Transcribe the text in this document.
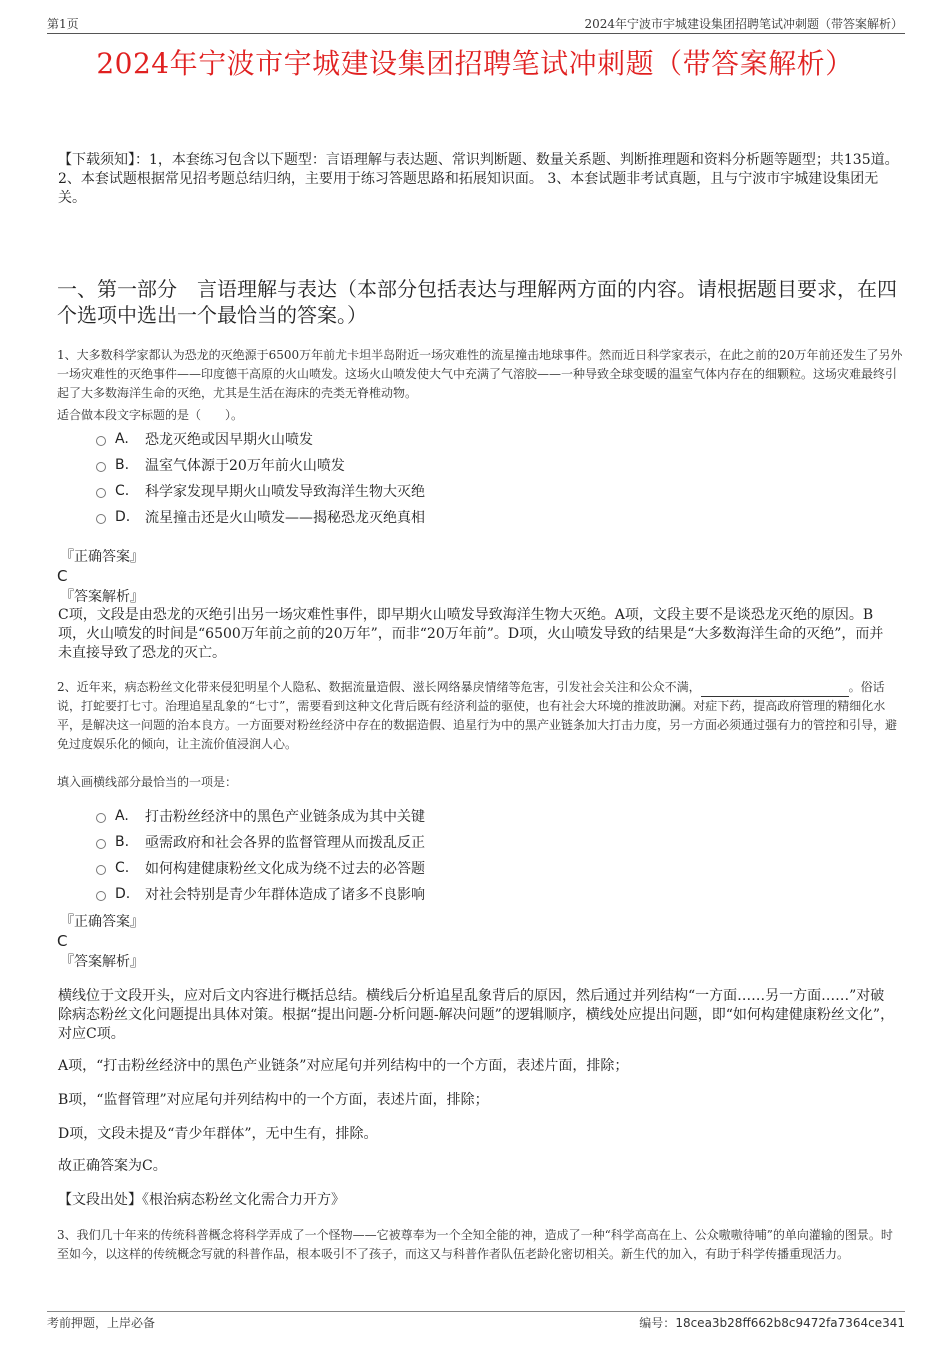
第1页	2024年宁波市宇城建设集团招聘笔试冲刺题（带答案解析）
2024年宁波市宇城建设集团招聘笔试冲刺题（带答案解析）
【下载须知】：1，本套练习包含以下题型：言语理解与表达题、常识判断题、数量关系题、判断推理题和资料分析题等题型；共135道。 2、本套试题根据常见招考题总结归纳，主要用于练习答题思路和拓展知识面。 3、本套试题非考试真题，且与宁波市宇城建设集团无关。
一、第一部分　言语理解与表达（本部分包括表达与理解两方面的内容。请根据题目要求，在四个选项中选出一个最恰当的答案。）
1、大多数科学家都认为恐龙的灭绝源于6500万年前尤卡坦半岛附近一场灾难性的流星撞击地球事件。然而近日科学家表示，在此之前的20万年前还发生了另外一场灾难性的灭绝事件——印度德干高原的火山喷发。这场火山喷发使大气中充满了气溶胶——一种导致全球变暖的温室气体内存在的细颗粒。这场灾难最终引起了大多数海洋生命的灭绝，尤其是生活在海床的壳类无脊椎动物。
适合做本段文字标题的是（　　）。
A.	恐龙灭绝或因早期火山喷发
B.	温室气体源于20万年前火山喷发
C.	科学家发现早期火山喷发导致海洋生物大灭绝
D.	流星撞击还是火山喷发——揭秘恐龙灭绝真相
『正确答案』
C
『答案解析』
C项，文段是由恐龙的灭绝引出另一场灾难性事件，即早期火山喷发导致海洋生物大灭绝。A项，文段主要不是谈恐龙灭绝的原因。B项，火山喷发的时间是“6500万年前之前的20万年”，而非“20万年前”。D项，火山喷发导致的结果是“大多数海洋生命的灭绝”，而并未直接导致了恐龙的灭亡。
2、近年来，病态粉丝文化带来侵犯明星个人隐私、数据流量造假、滋长网络暴戾情绪等危害，引发社会关注和公众不满，	。俗话说，打蛇要打七寸。治理追星乱象的“七寸”，需要看到这种文化背后既有经济利益的驱使，也有社会大环境的推波助澜。对症下药，提高政府管理的精细化水平，是解决这一问题的治本良方。一方面要对粉丝经济中存在的数据造假、追星行为中的黑产业链条加大打击力度，另一方面必须通过强有力的管控和引导，避免过度娱乐化的倾向，让主流价值浸润人心。
填入画横线部分最恰当的一项是：
A.	打击粉丝经济中的黑色产业链条成为其中关键
B.	亟需政府和社会各界的监督管理从而拨乱反正
C.	如何构建健康粉丝文化成为绕不过去的必答题
D.	对社会特别是青少年群体造成了诸多不良影响
『正确答案』
C
『答案解析』
横线位于文段开头，应对后文内容进行概括总结。横线后分析追星乱象背后的原因，然后通过并列结构“一方面……另一方面……”对破除病态粉丝文化问题提出具体对策。根据“提出问题-分析问题-解决问题”的逻辑顺序，横线处应提出问题，即“如何构建健康粉丝文化”，对应C项。
A项，“打击粉丝经济中的黑色产业链条”对应尾句并列结构中的一个方面，表述片面，排除；
B项，“监督管理”对应尾句并列结构中的一个方面，表述片面，排除；
D项，文段未提及“青少年群体”，无中生有，排除。
故正确答案为C。
【文段出处】《根治病态粉丝文化需合力开方》
3、我们几十年来的传统科普概念将科学弄成了一个怪物——它被尊奉为一个全知全能的神，造成了一种“科学高高在上、公众嗷嗷待哺”的单向灌输的图景。时至如今，以这样的传统概念写就的科普作品，根本吸引不了孩子，而这又与科普作者队伍老龄化密切相关。新生代的加入，有助于科学传播重现活力。
考前押题，上岸必备	编号：18cea3b28ff662b8c9472fa7364ce341
